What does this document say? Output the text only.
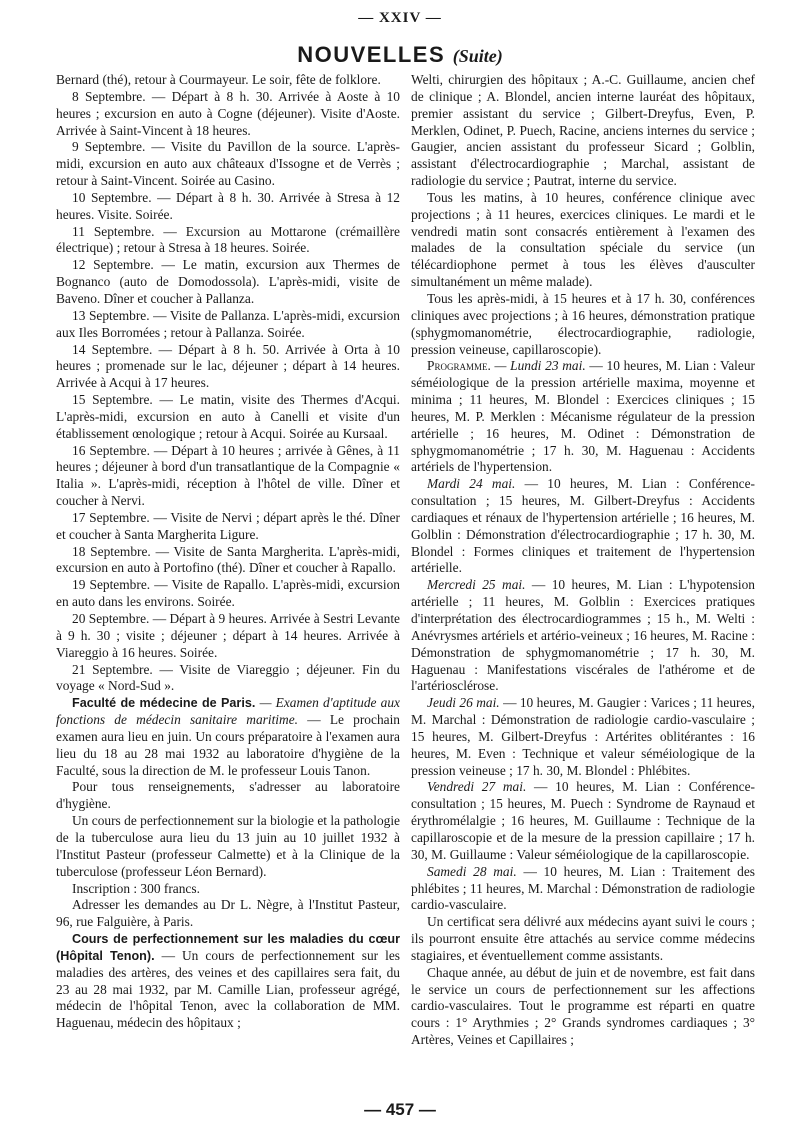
— XXIV —
NOUVELLES (Suite)

Bernard (thé), retour à Courmayeur. Le soir, fête de folklore.

8 Septembre. — Départ à 8 h. 30. Arrivée à Aoste à 10 heures ; excursion en auto à Cogne (déjeuner). Visite d'Aoste. Arrivée à Saint-Vincent à 18 heures.

9 Septembre. — Visite du Pavillon de la source. L'après-midi, excursion en auto aux châteaux d'Issogne et de Verrès ; retour à Saint-Vincent. Soirée au Casino.

10 Septembre. — Départ à 8 h. 30. Arrivée à Stresa à 12 heures. Visite. Soirée.

11 Septembre. — Excursion au Mottarone (crémaillère électrique) ; retour à Stresa à 18 heures. Soirée.

12 Septembre. — Le matin, excursion aux Thermes de Bognanco (auto de Domodossola). L'après-midi, visite de Baveno. Dîner et coucher à Pallanza.

13 Septembre. — Visite de Pallanza. L'après-midi, excursion aux Iles Borromées ; retour à Pallanza. Soirée.

14 Septembre. — Départ à 8 h. 50. Arrivée à Orta à 10 heures ; promenade sur le lac, déjeuner ; départ à 14 heures. Arrivée à Acqui à 17 heures.

15 Septembre. — Le matin, visite des Thermes d'Acqui. L'après-midi, excursion en auto à Canelli et visite d'un établissement œnologique ; retour à Acqui. Soirée au Kursaal.

16 Septembre. — Départ à 10 heures ; arrivée à Gênes, à 11 heures ; déjeuner à bord d'un transatlantique de la Compagnie « Italia ». L'après-midi, réception à l'hôtel de ville. Dîner et coucher à Nervi.

17 Septembre. — Visite de Nervi ; départ après le thé. Dîner et coucher à Santa Margherita Ligure.

18 Septembre. — Visite de Santa Margherita. L'après-midi, excursion en auto à Portofino (thé). Dîner et coucher à Rapallo.

19 Septembre. — Visite de Rapallo. L'après-midi, excursion en auto dans les environs. Soirée.

20 Septembre. — Départ à 9 heures. Arrivée à Sestri Levante à 9 h. 30 ; visite ; déjeuner ; départ à 14 heures. Arrivée à Viareggio à 16 heures. Soirée.

21 Septembre. — Visite de Viareggio ; déjeuner. Fin du voyage « Nord-Sud ».

Faculté de médecine de Paris. — Examen d'aptitude aux fonctions de médecin sanitaire maritime. — Le prochain examen aura lieu en juin. Un cours préparatoire à l'examen aura lieu du 18 au 28 mai 1932 au laboratoire d'hygiène de la Faculté, sous la direction de M. le professeur Louis Tanon.

Pour tous renseignements, s'adresser au laboratoire d'hygiène.

Un cours de perfectionnement sur la biologie et la pathologie de la tuberculose aura lieu du 13 juin au 10 juillet 1932 à l'Institut Pasteur (professeur Calmette) et à la Clinique de la tuberculose (professeur Léon Bernard).

Inscription : 300 francs.

Adresser les demandes au Dr L. Nègre, à l'Institut Pasteur, 96, rue Falguière, à Paris.

Cours de perfectionnement sur les maladies du cœur (Hôpital Tenon). — Un cours de perfectionnement sur les maladies des artères, des veines et des capillaires sera fait, du 23 au 28 mai 1932, par M. Camille Lian, professeur agrégé, médecin de l'hôpital Tenon, avec la collaboration de MM. Haguenau, médecin des hôpitaux ;

Welti, chirurgien des hôpitaux ; A.-C. Guillaume, ancien chef de clinique ; A. Blondel, ancien interne lauréat des hôpitaux, premier assistant du service ; Gilbert-Dreyfus, Even, P. Merklen, Odinet, P. Puech, Racine, anciens internes du service ; Gaugier, ancien assistant du professeur Sicard ; Golblin, assistant d'électrocardiographie ; Marchal, assistant de radiologie du service ; Pautrat, interne du service.

Tous les matins, à 10 heures, conférence clinique avec projections ; à 11 heures, exercices cliniques. Le mardi et le vendredi matin sont consacrés entièrement à l'examen des malades de la consultation spéciale du service (un télécardiophone permet à tous les élèves d'ausculter simultanément un même malade).

Tous les après-midi, à 15 heures et à 17 h. 30, conférences cliniques avec projections ; à 16 heures, démonstration pratique (sphygmomanométrie, électrocardiographie, radiologie, pression veineuse, capillaroscopie).

Programme. — Lundi 23 mai. — 10 heures, M. Lian : Valeur séméiologique de la pression artérielle maxima, moyenne et minima ; 11 heures, M. Blondel : Exercices cliniques ; 15 heures, M. P. Merklen : Mécanisme régulateur de la pression artérielle ; 16 heures, M. Odinet : Démonstration de sphygmomanométrie ; 17 h. 30, M. Haguenau : Accidents artériels de l'hypertension.

Mardi 24 mai. — 10 heures, M. Lian : Conférence-consultation ; 15 heures, M. Gilbert-Dreyfus : Accidents cardiaques et rénaux de l'hypertension artérielle ; 16 heures, M. Golblin : Démonstration d'électrocardiographie ; 17 h. 30, M. Blondel : Formes cliniques et traitement de l'hypertension artérielle.

Mercredi 25 mai. — 10 heures, M. Lian : L'hypotension artérielle ; 11 heures, M. Golblin : Exercices pratiques d'interprétation des électrocardiogrammes ; 15 h., M. Welti : Anévrysmes artériels et artério-veineux ; 16 heures, M. Racine : Démonstration de sphygmomanométrie ; 17 h. 30, M. Haguenau : Manifestations viscérales de l'athérome et de l'artériosclérose.

Jeudi 26 mai. — 10 heures, M. Gaugier : Varices ; 11 heures, M. Marchal : Démonstration de radiologie cardio-vasculaire ; 15 heures, M. Gilbert-Dreyfus : Artérites oblitérantes : 16 heures, M. Even : Technique et valeur séméiologique de la pression veineuse ; 17 h. 30, M. Blondel : Phlébites.

Vendredi 27 mai. — 10 heures, M. Lian : Conférence-consultation ; 15 heures, M. Puech : Syndrome de Raynaud et érythromélalgie ; 16 heures, M. Guillaume : Technique de la capillaroscopie et de la mesure de la pression capillaire ; 17 h. 30, M. Guillaume : Valeur séméiologique de la capillaroscopie.

Samedi 28 mai. — 10 heures, M. Lian : Traitement des phlébites ; 11 heures, M. Marchal : Démonstration de radiologie cardio-vasculaire.

Un certificat sera délivré aux médecins ayant suivi le cours ; ils pourront ensuite être attachés au service comme médecins stagiaires, et éventuellement comme assistants.

Chaque année, au début de juin et de novembre, est fait dans le service un cours de perfectionnement sur les affections cardio-vasculaires. Tout le programme est réparti en quatre cours : 1° Arythmies ; 2° Grands syndromes cardiaques ; 3° Artères, Veines et Capillaires ;

— 457 —
